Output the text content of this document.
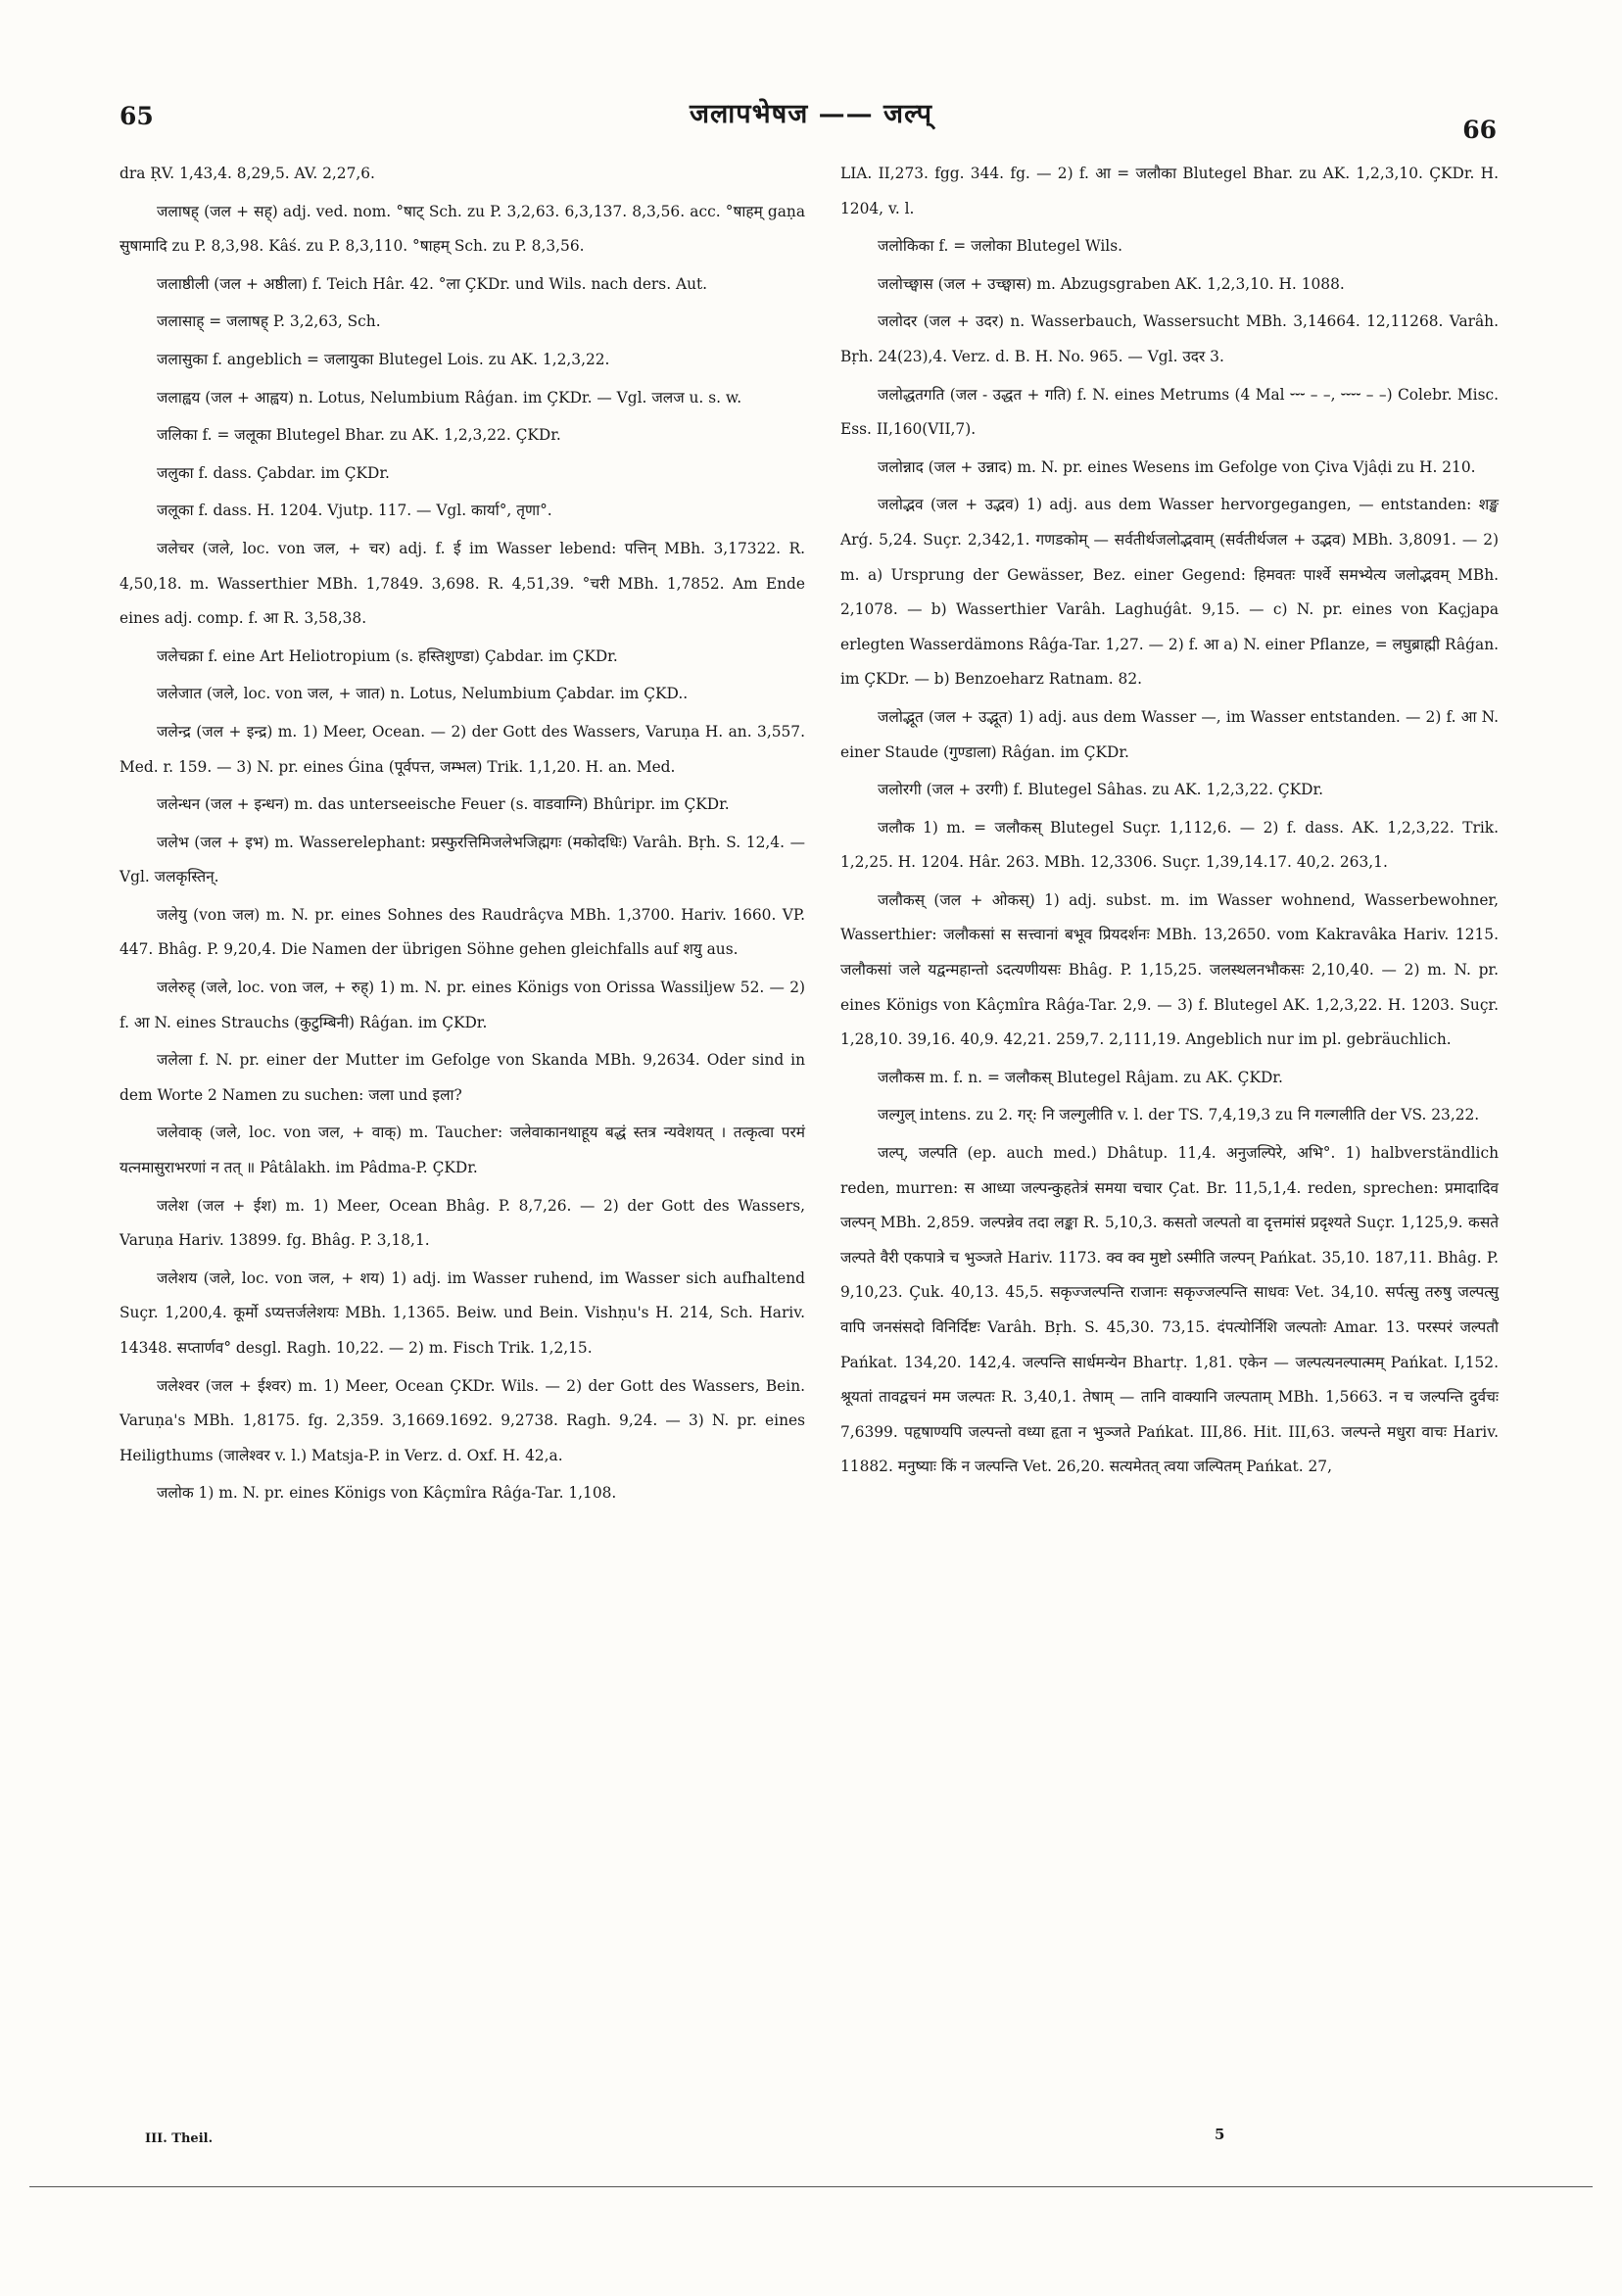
65	जलापभेषज —— जल्प्
66

dra ṚV. 1,43,4. 8,29,5. AV. 2,27,6.

जलाषह् (जल + सह्) adj. ved. nom. °षाट् Sch. zu P. 3,2,63. 6,3,137. 8,3,56. acc. °षाहम् gaṇa सुषामादि zu P. 8,3,98. Kâś. zu P. 8,3,110. °षाहम् Sch. zu P. 8,3,56.

जलाष्ठीली (जल + अष्ठीला) f. Teich Hâr. 42. °ला ÇKDr. und Wils. nach ders. Aut.

जलासाह् = जलाषह् P. 3,2,63, Sch.

जलासुका f. angeblich = जलायुका Blutegel Lois. zu AK. 1,2,3,22.

जलाह्वय (जल + आह्वय) n. Lotus, Nelumbium Râǵan. im ÇKDr. — Vgl. जलज u. s. w.

जलिका f. = जलूका Blutegel Bhar. zu AK. 1,2,3,22. ÇKDr.

जलुका f. dass. Çabdar. im ÇKDr.

जलूका f. dass. H. 1204. Vjutp. 117. — Vgl. कार्या°, तृणा°.

जलेचर (जले, loc. von जल, + चर) adj. f. ई im Wasser lebend: पत्तिन् MBh. 3,17322. R. 4,50,18. m. Wasserthier MBh. 1,7849. 3,698. R. 4,51,39. °चरी MBh. 1,7852. Am Ende eines adj. comp. f. आ R. 3,58,38.

जलेचक्रा f. eine Art Heliotropium (s. हस्तिशुण्डा) Çabdar. im ÇKDr.

जलेजात (जले, loc. von जल, + जात) n. Lotus, Nelumbium Çabdar. im ÇKD..

जलेन्द्र (जल + इन्द्र) m. 1) Meer, Ocean. — 2) der Gott des Wassers, Varuṇa H. an. 3,557. Med. r. 159. — 3) N. pr. eines Ǵina (पूर्वपत्त, जम्भल) Trik. 1,1,20. H. an. Med.

जलेन्धन (जल + इन्धन) m. das unterseeische Feuer (s. वाडवाग्नि) Bhûripr. im ÇKDr.

जलेभ (जल + इभ) m. Wasserelephant: प्रस्फुरत्तिमिजलेभजिह्मगः (मकोदधिः) Varâh. Bṛh. S. 12,4. — Vgl. जलकृस्तिन्.

जलेयु (von जल) m. N. pr. eines Sohnes des Raudrâçva MBh. 1,3700. Hariv. 1660. VP. 447. Bhâg. P. 9,20,4. Die Namen der übrigen Söhne gehen gleichfalls auf शयु aus.

जलेरुह् (जले, loc. von जल, + रुह्) 1) m. N. pr. eines Königs von Orissa Wassiljew 52. — 2) f. आ N. eines Strauchs (कुटुम्बिनी) Râǵan. im ÇKDr.

जलेला f. N. pr. einer der Mutter im Gefolge von Skanda MBh. 9,2634. Oder sind in dem Worte 2 Namen zu suchen: जला und इला?

जलेवाक् (जले, loc. von जल, + वाक्) m. Taucher: जलेवाकानथाहूय बद्धं स्तत्र न्यवेशयत् । तत्कृत्वा परमं यत्नमासुराभरणां न तत् ॥ Pâtâlakh. im Pâdma-P. ÇKDr.

जलेश (जल + ईश) m. 1) Meer, Ocean Bhâg. P. 8,7,26. — 2) der Gott des Wassers, Varuṇa Hariv. 13899. fg. Bhâg. P. 3,18,1.

जलेशय (जले, loc. von जल, + शय) 1) adj. im Wasser ruhend, im Wasser sich aufhaltend Suçr. 1,200,4. कूर्मो ऽप्यत्तर्जलेशयः MBh. 1,1365. Beiw. und Bein. Vishṇu's H. 214, Sch. Hariv. 14348. सप्तार्णव° desgl. Ragh. 10,22. — 2) m. Fisch Trik. 1,2,15.

जलेश्वर (जल + ईश्वर) m. 1) Meer, Ocean ÇKDr. Wils. — 2) der Gott des Wassers, Bein. Varuṇa's MBh. 1,8175. fg. 2,359. 3,1669.1692. 9,2738. Ragh. 9,24. — 3) N. pr. eines Heiligthums (जालेश्वर v. l.) Matsja-P. in Verz. d. Oxf. H. 42,a.

जलोक 1) m. N. pr. eines Königs von Kâçmîra Râǵa-Tar. 1,108.

LIA. II,273. fgg. 344. fg. — 2) f. आ = जलौका Blutegel Bhar. zu AK. 1,2,3,10. ÇKDr. H. 1204, v. l.

जलोकिका f. = जलोका Blutegel Wils.

जलोच्छ्वास (जल + उच्छ्वास) m. Abzugsgraben AK. 1,2,3,10. H. 1088.

जलोदर (जल + उदर) n. Wasserbauch, Wassersucht MBh. 3,14664. 12,11268. Varâh. Bṛh. 24(23),4. Verz. d. B. H. No. 965. — Vgl. उदर 3.

जलोद्धतगति (जल - उद्धत + गति) f. N. eines Metrums (4 Mal ⏑⏑⏑ – –, ⏑⏑⏑⏑ – –) Colebr. Misc. Ess. II,160(VII,7).

जलोन्नाद (जल + उन्नाद) m. N. pr. eines Wesens im Gefolge von Çiva Vjâḍi zu H. 210.

जलोद्भव (जल + उद्भव) 1) adj. aus dem Wasser hervorgegangen, — entstanden: शङ्ख Arǵ. 5,24. Suçr. 2,342,1. गणडकोम् — सर्वतीर्थजलोद्भवाम् (सर्वतीर्थजल + उद्भव) MBh. 3,8091. — 2) m. a) Ursprung der Gewässer, Bez. einer Gegend: हिमवतः पार्श्वे समभ्येत्य जलोद्भवम् MBh. 2,1078. — b) Wasserthier Varâh. Laghuǵât. 9,15. — c) N. pr. eines von Kaçjapa erlegten Wasserdämons Râǵa-Tar. 1,27. — 2) f. आ a) N. einer Pflanze, = लघुब्राह्मी Râǵan. im ÇKDr. — b) Benzoeharz Ratnam. 82.

जलोद्भूत (जल + उद्भूत) 1) adj. aus dem Wasser —, im Wasser entstanden. — 2) f. आ N. einer Staude (गुण्डाला) Râǵan. im ÇKDr.

जलोरगी (जल + उरगी) f. Blutegel Sâhas. zu AK. 1,2,3,22. ÇKDr.

जलौक 1) m. = जलौकस् Blutegel Suçr. 1,112,6. — 2) f. dass. AK. 1,2,3,22. Trik. 1,2,25. H. 1204. Hâr. 263. MBh. 12,3306. Suçr. 1,39,14.17. 40,2. 263,1.

जलौकस् (जल + ओकस्) 1) adj. subst. m. im Wasser wohnend, Wasserbewohner, Wasserthier: जलौकसां स सत्त्वानां बभूव प्रियदर्शनः MBh. 13,2650. vom Kakravâka Hariv. 1215. जलौकसां जले यद्वन्महान्तो ऽदत्यणीयसः Bhâg. P. 1,15,25. जलस्थलनभौकसः 2,10,40. — 2) m. N. pr. eines Königs von Kâçmîra Râǵa-Tar. 2,9. — 3) f. Blutegel AK. 1,2,3,22. H. 1203. Suçr. 1,28,10. 39,16. 40,9. 42,21. 259,7. 2,111,19. Angeblich nur im pl. gebräuchlich.

जलौकस m. f. n. = जलौकस् Blutegel Râjam. zu AK. ÇKDr.

जल्गुल् intens. zu 2. गर्: नि जल्गुलीति v. l. der TS. 7,4,19,3 zu नि गल्गलीति der VS. 23,22.

जल्प्, जल्पति (ep. auch med.) Dhâtup. 11,4. अनुजल्पिरे, अभि°. 1) halbverständlich reden, murren: स आध्या जल्पन्कुहतेत्रं समया चचार Çat. Br. 11,5,1,4. reden, sprechen: प्रमादादिव जल्पन् MBh. 2,859. जल्पन्नेव तदा लङ्का R. 5,10,3. कसतो जल्पतो वा दृत्तमांसं प्रदृश्यते Suçr. 1,125,9. कसते जल्पते वैरी एकपात्रे च भुञ्जते Hariv. 1173. क्व क्व मुष्टो ऽस्मीति जल्पन् Pańkat. 35,10. 187,11. Bhâg. P. 9,10,23. Çuk. 40,13. 45,5. सकृज्जल्पन्ति राजानः सकृज्जल्पन्ति साधवः Vet. 34,10. सर्पत्सु तरुषु जल्पत्सु वापि जनसंसदो विनिर्दिष्टः Varâh. Bṛh. S. 45,30. 73,15. दंपत्योर्निशि जल्पतोः Amar. 13. परस्परं जल्पतौ Pańkat. 134,20. 142,4. जल्पन्ति सार्धमन्येन Bhartṛ. 1,81. एकेन — जल्पत्यनल्पात्मम् Pańkat. I,152. श्रूयतां तावद्वचनं मम जल्पतः R. 3,40,1. तेषाम् — तानि वाक्यानि जल्पताम् MBh. 1,5663. न च जल्पन्ति दुर्वचः 7,6399. पहृषाण्यपि जल्पन्तो वध्या हृता न भुञ्जते Pańkat. III,86. Hit. III,63. जल्पन्ते मधुरा वाचः Hariv. 11882. मनुष्याः किं न जल्पन्ति Vet. 26,20. सत्यमेतत् त्वया जल्पितम् Pańkat. 27,

III. Theil.	5
